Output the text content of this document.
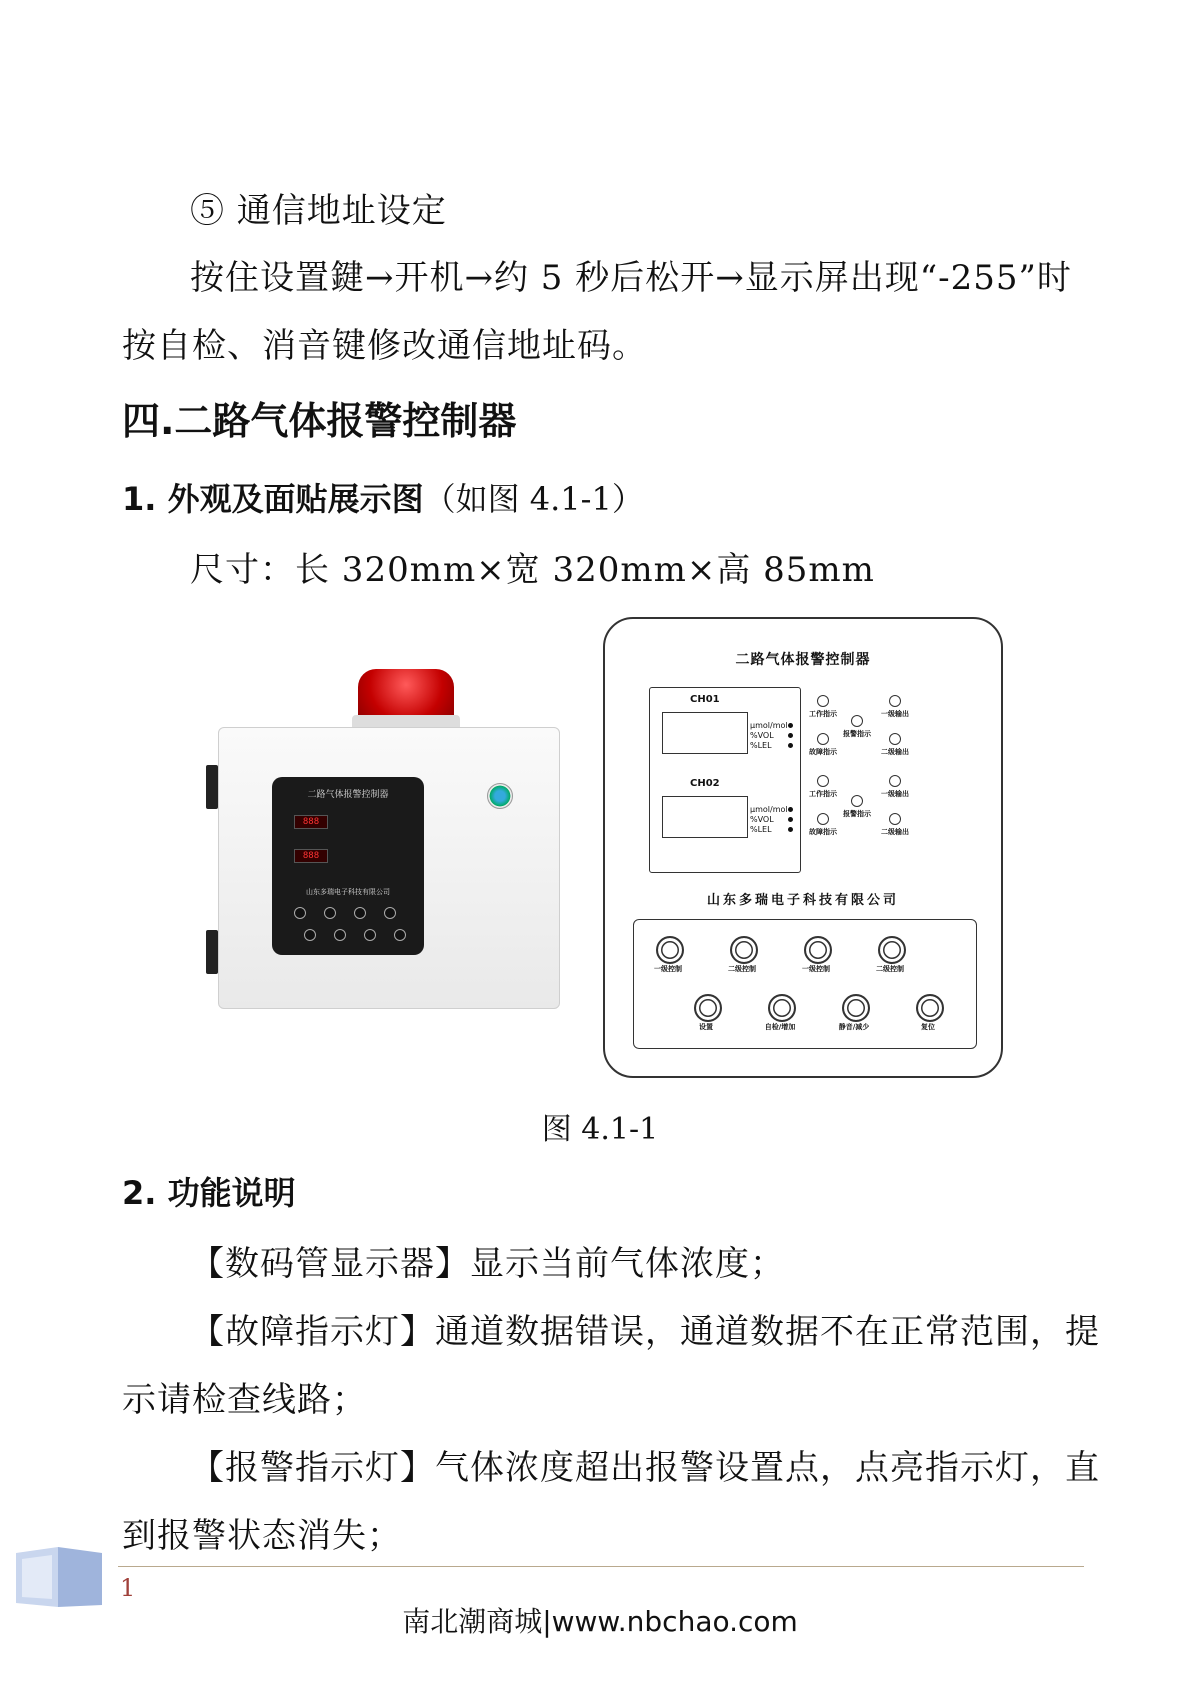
⑤ 通信地址设定
按住设置鍵→开机→约 5 秒后松开→显示屏出现“-255”时
按自检、消音键修改通信地址码。
四.二路气体报警控制器
1. 外观及面贴展示图（如图 4.1-1）
尺寸：长 320mm×宽 320mm×高 85mm
二路气体报警控制器
888
888
山东多瑞电子科技有限公司
二路气体报警控制器
CH01
μmol/mol
%VOL
%LEL
CH02
μmol/mol
%VOL
%LEL
工作指示
故障指示
报警指示
一级输出
二级输出
工作指示
故障指示
报警指示
一级输出
二级输出
山东多瑞电子科技有限公司
一级控制	二级控制	一级控制	二级控制
设置	自检/增加	静音/减少	复位
图 4.1-1
2. 功能说明
【数码管显示器】显示当前气体浓度；
【故障指示灯】通道数据错误，通道数据不在正常范围，提
示请检查线路；
【报警指示灯】气体浓度超出报警设置点，点亮指示灯，直
到报警状态消失；
1
南北潮商城|www.nbchao.com
